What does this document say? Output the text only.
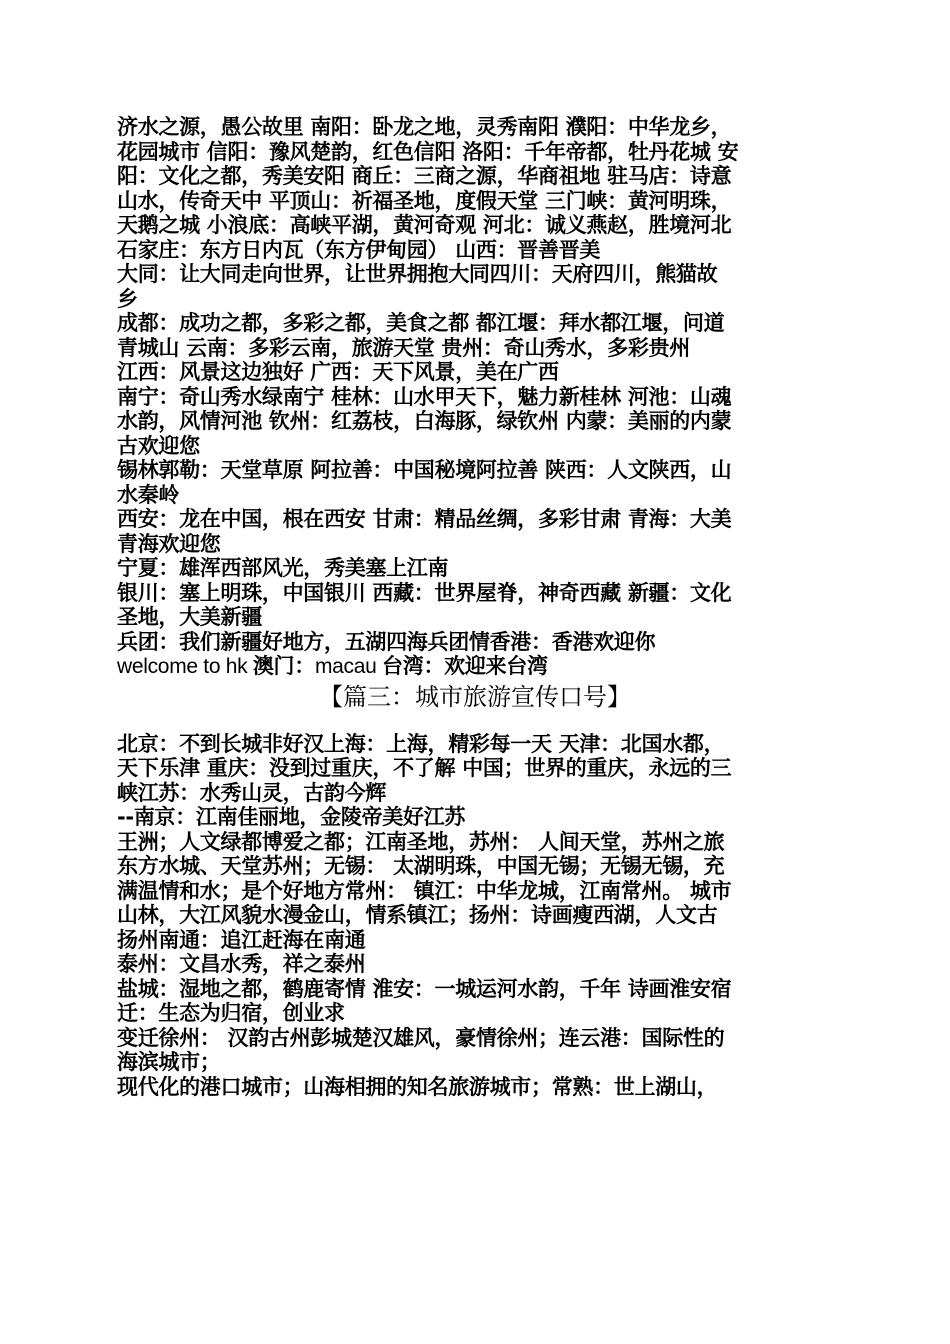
济水之源，愚公故里 南阳：卧龙之地，灵秀南阳 濮阳：中华龙乡，
花园城市 信阳：豫风楚韵，红色信阳 洛阳：千年帝都，牡丹花城 安
阳：文化之都，秀美安阳 商丘：三商之源，华商祖地 驻马店：诗意
山水，传奇天中 平顶山：祈福圣地，度假天堂 三门峡：黄河明珠，
天鹅之城 小浪底：高峡平湖，黄河奇观 河北：诚义燕赵，胜境河北
石家庄：东方日内瓦（东方伊甸园） 山西：晋善晋美
大同：让大同走向世界，让世界拥抱大同四川：天府四川，熊猫故
乡
成都：成功之都，多彩之都，美食之都 都江堰：拜水都江堰，问道
青城山 云南：多彩云南，旅游天堂 贵州：奇山秀水，多彩贵州
江西：风景这边独好 广西：天下风景，美在广西
南宁：奇山秀水绿南宁 桂林：山水甲天下，魅力新桂林 河池：山魂
水韵，风情河池 钦州：红荔枝，白海豚，绿钦州 内蒙：美丽的内蒙
古欢迎您
锡林郭勒：天堂草原 阿拉善：中国秘境阿拉善 陕西：人文陕西，山
水秦岭
西安：龙在中国，根在西安 甘肃：精品丝绸，多彩甘肃 青海：大美
青海欢迎您
宁夏：雄浑西部风光，秀美塞上江南
银川：塞上明珠，中国银川 西藏：世界屋脊，神奇西藏 新疆：文化
圣地，大美新疆
兵团：我们新疆好地方，五湖四海兵团情香港：香港欢迎你
welcome to hk 澳门：macau 台湾：欢迎来台湾
【篇三：城市旅游宣传口号】
北京：不到长城非好汉上海：上海，精彩每一天 天津：北国水都，
天下乐津 重庆：没到过重庆，不了解 中国；世界的重庆，永远的三
峡江苏：水秀山灵，古韵今辉
--南京：江南佳丽地，金陵帝美好江苏
王洲；人文绿都博爱之都；江南圣地，苏州： 人间天堂，苏州之旅
东方水城、天堂苏州；无锡： 太湖明珠，中国无锡；无锡无锡，充
满温情和水；是个好地方常州： 镇江：中华龙城，江南常州。 城市
山林，大江风貌水漫金山，情系镇江；扬州：诗画瘦西湖，人文古
扬州南通：追江赶海在南通
泰州：文昌水秀，祥之泰州
盐城：湿地之都，鹤鹿寄情 淮安：一城运河水韵，千年 诗画淮安宿
迁：生态为归宿，创业求
变迁徐州： 汉韵古州彭城楚汉雄风，豪情徐州；连云港：国际性的
海滨城市；
现代化的港口城市；山海相拥的知名旅游城市；常熟：世上湖山，
